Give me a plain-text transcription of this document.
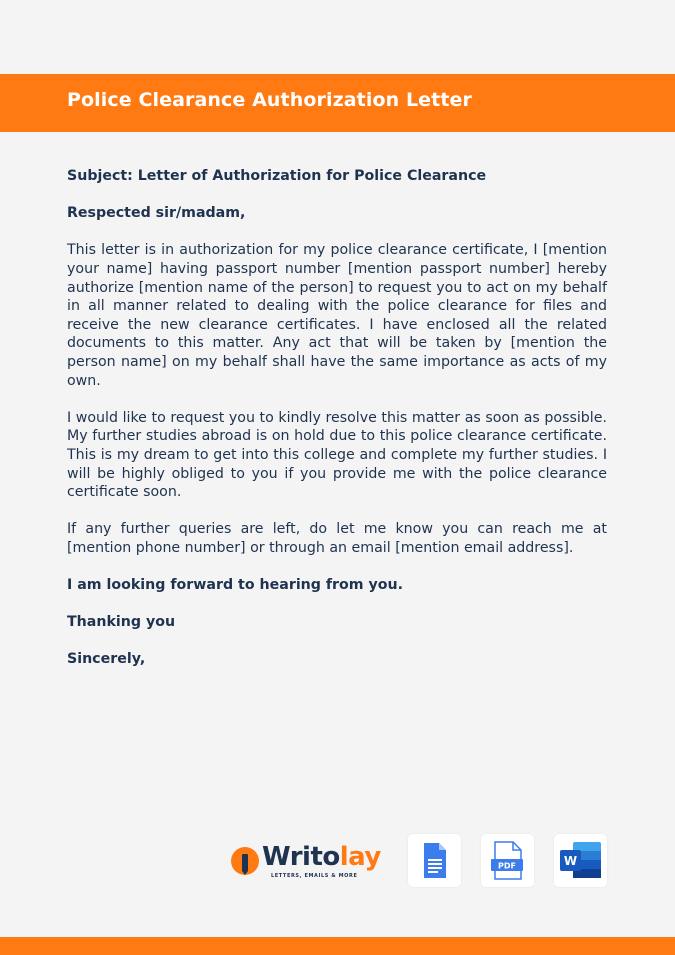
Police Clearance Authorization Letter

Subject: Letter of Authorization for Police Clearance

Respected sir/madam,

This letter is in authorization for my police clearance certificate, I [mention your name] having passport number [mention passport number] hereby authorize [mention name of the person] to request you to act on my behalf in all manner related to dealing with the police clearance for files and receive the new clearance certificates. I have enclosed all the related documents to this matter. Any act that will be taken by [mention the person name] on my behalf shall have the same importance as acts of my own.

I would like to request you to kindly resolve this matter as soon as possible. My further studies abroad is on hold due to this police clearance certificate. This is my dream to get into this college and complete my further studies. I will be highly obliged to you if you provide me with the police clearance certificate soon.

If any further queries are left, do let me know you can reach me at [mention phone number] or through an email [mention email address].

I am looking forward to hearing from you.

Thanking you

Sincerely,

Writolay
LETTERS, EMAILS & MORE
PDF	W
